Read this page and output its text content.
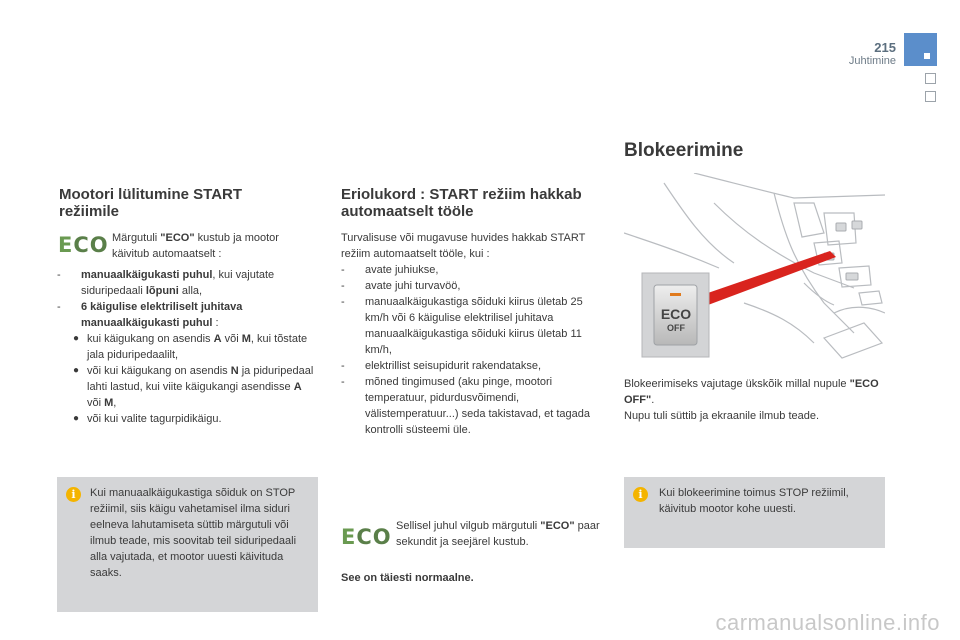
215
Juhtimine
Mootori lülitumine START režiimile
ECO Märgutuli "ECO" kustub ja mootor käivitub automaatselt :
- manuaalkäigukasti puhul, kui vajutate siduripedaali lõpuni alla,
- 6 käigulise elektriliselt juhitava manuaalkäigukasti puhul :
● kui käigukang on asendis A või M, kui tõstate jala piduripedaalilt,
● või kui käigukang on asendis N ja piduripedaal lahti lastud, kui viite käigukangi asendisse A või M,
● või kui valite tagurpidikäigu.
i	Kui manuaalkäigukastiga sõiduk on STOP režiimil, siis käigu vahetamisel ilma siduri eelneva lahutamiseta süttib märgutuli või ilmub teade, mis soovitab teil siduripedaali alla vajutada, et mootor uuesti käivituda saaks.
Eriolukord : START režiim hakkab automaatselt tööle
Turvalisuse või mugavuse huvides hakkab START režiim automaatselt tööle, kui :
- avate juhiukse,
- avate juhi turvavöö,
- manuaalkäigukastiga sõiduki kiirus ületab 25 km/h või 6 käigulise elektrilisel juhitava manuaalkäigukastiga sõiduki kiirus ületab 11 km/h,
- elektrillist seisupidurit rakendatakse,
- mõned tingimused (aku pinge, mootori temperatuur, pidurdusvõimendi, välistemperatuur...) seda takistavad, et tagada kontrolli süsteemi üle.
ECO Sellisel juhul vilgub märgutuli "ECO" paar sekundit ja seejärel kustub.
See on täiesti normaalne.
Blokeerimine
ECO
OFF
Blokeerimiseks vajutage ükskõik millal nupule "ECO OFF".
Nupu tuli süttib ja ekraanile ilmub teade.
i	Kui blokeerimine toimus STOP režiimil, käivitub mootor kohe uuesti.
carmanualsonline.info
